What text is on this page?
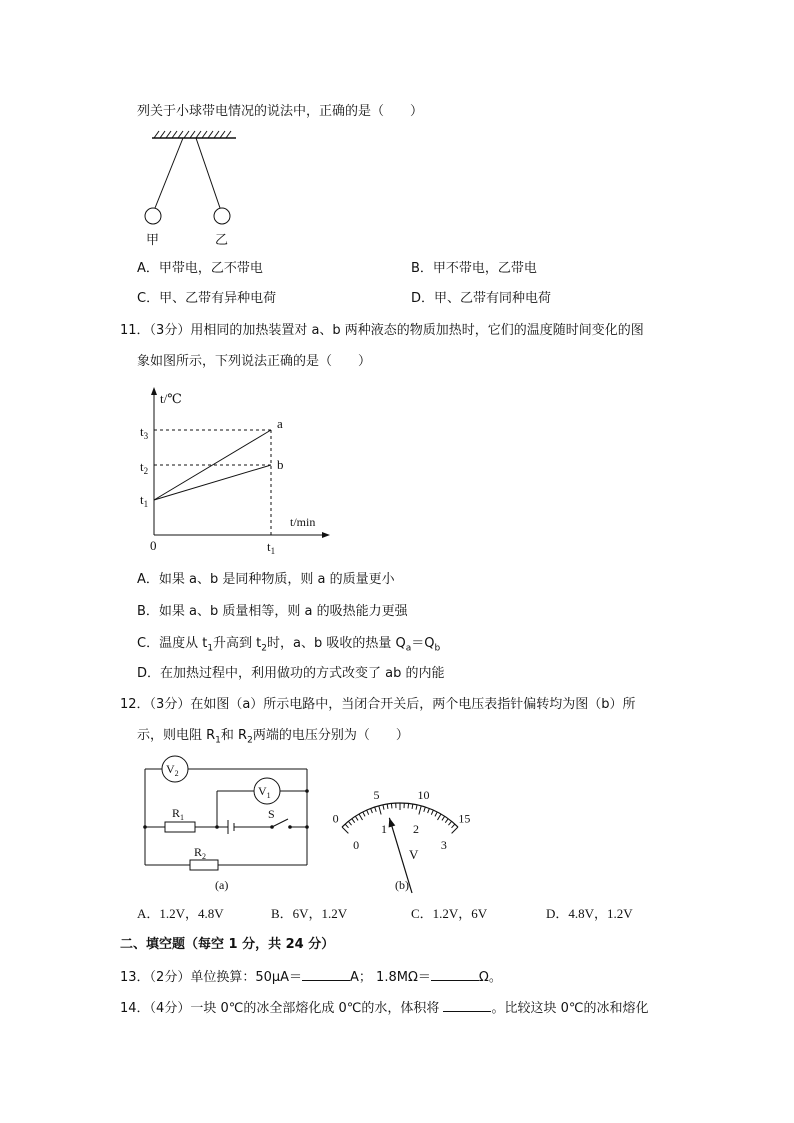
列关于小球带电情况的说法中，正确的是（　　）
甲	乙
A．甲带电，乙不带电	B．甲不带电，乙带电
C．甲、乙带有异种电荷	D．甲、乙带有同种电荷
11．（3分）用相同的加热装置对 a、b 两种液态的物质加热时，它们的温度随时间变化的图
象如图所示，下列说法正确的是（　　）
t/℃
t/min
0
$t_1$
$t_2$
$t_3$
$t_1$
a
b
A．如果 a、b 是同种物质，则 a 的质量更小
B．如果 a、b 质量相等，则 a 的吸热能力更强
C．温度从 $t_1$升高到 $t_2$时，a、b 吸收的热量 $Q_a=Q_b$
D．在加热过程中，利用做功的方式改变了 ab 的内能
12．（3分）在如图（a）所示电路中，当闭合开关后，两个电压表指针偏转均为图（b）所
示，则电阻 $R_1$和 $R_2$两端的电压分别为（　　）
$V_2$
$V_1$
$R_1$
$R_2$
S
(a)
0
5	10
15
0
1 2
3
V
(b)
A．1.2V，4.8V	B．6V，1.2V	C．1.2V，6V	D．4.8V，1.2V
二、填空题（每空 1 分，共 24 分）
13．（2分）单位换算：50μA＝	A； 1.8MΩ＝	Ω。
14．（4分）一块 0℃的冰全部熔化成 0℃的水，体积将	。比较这块 0℃的冰和熔化
